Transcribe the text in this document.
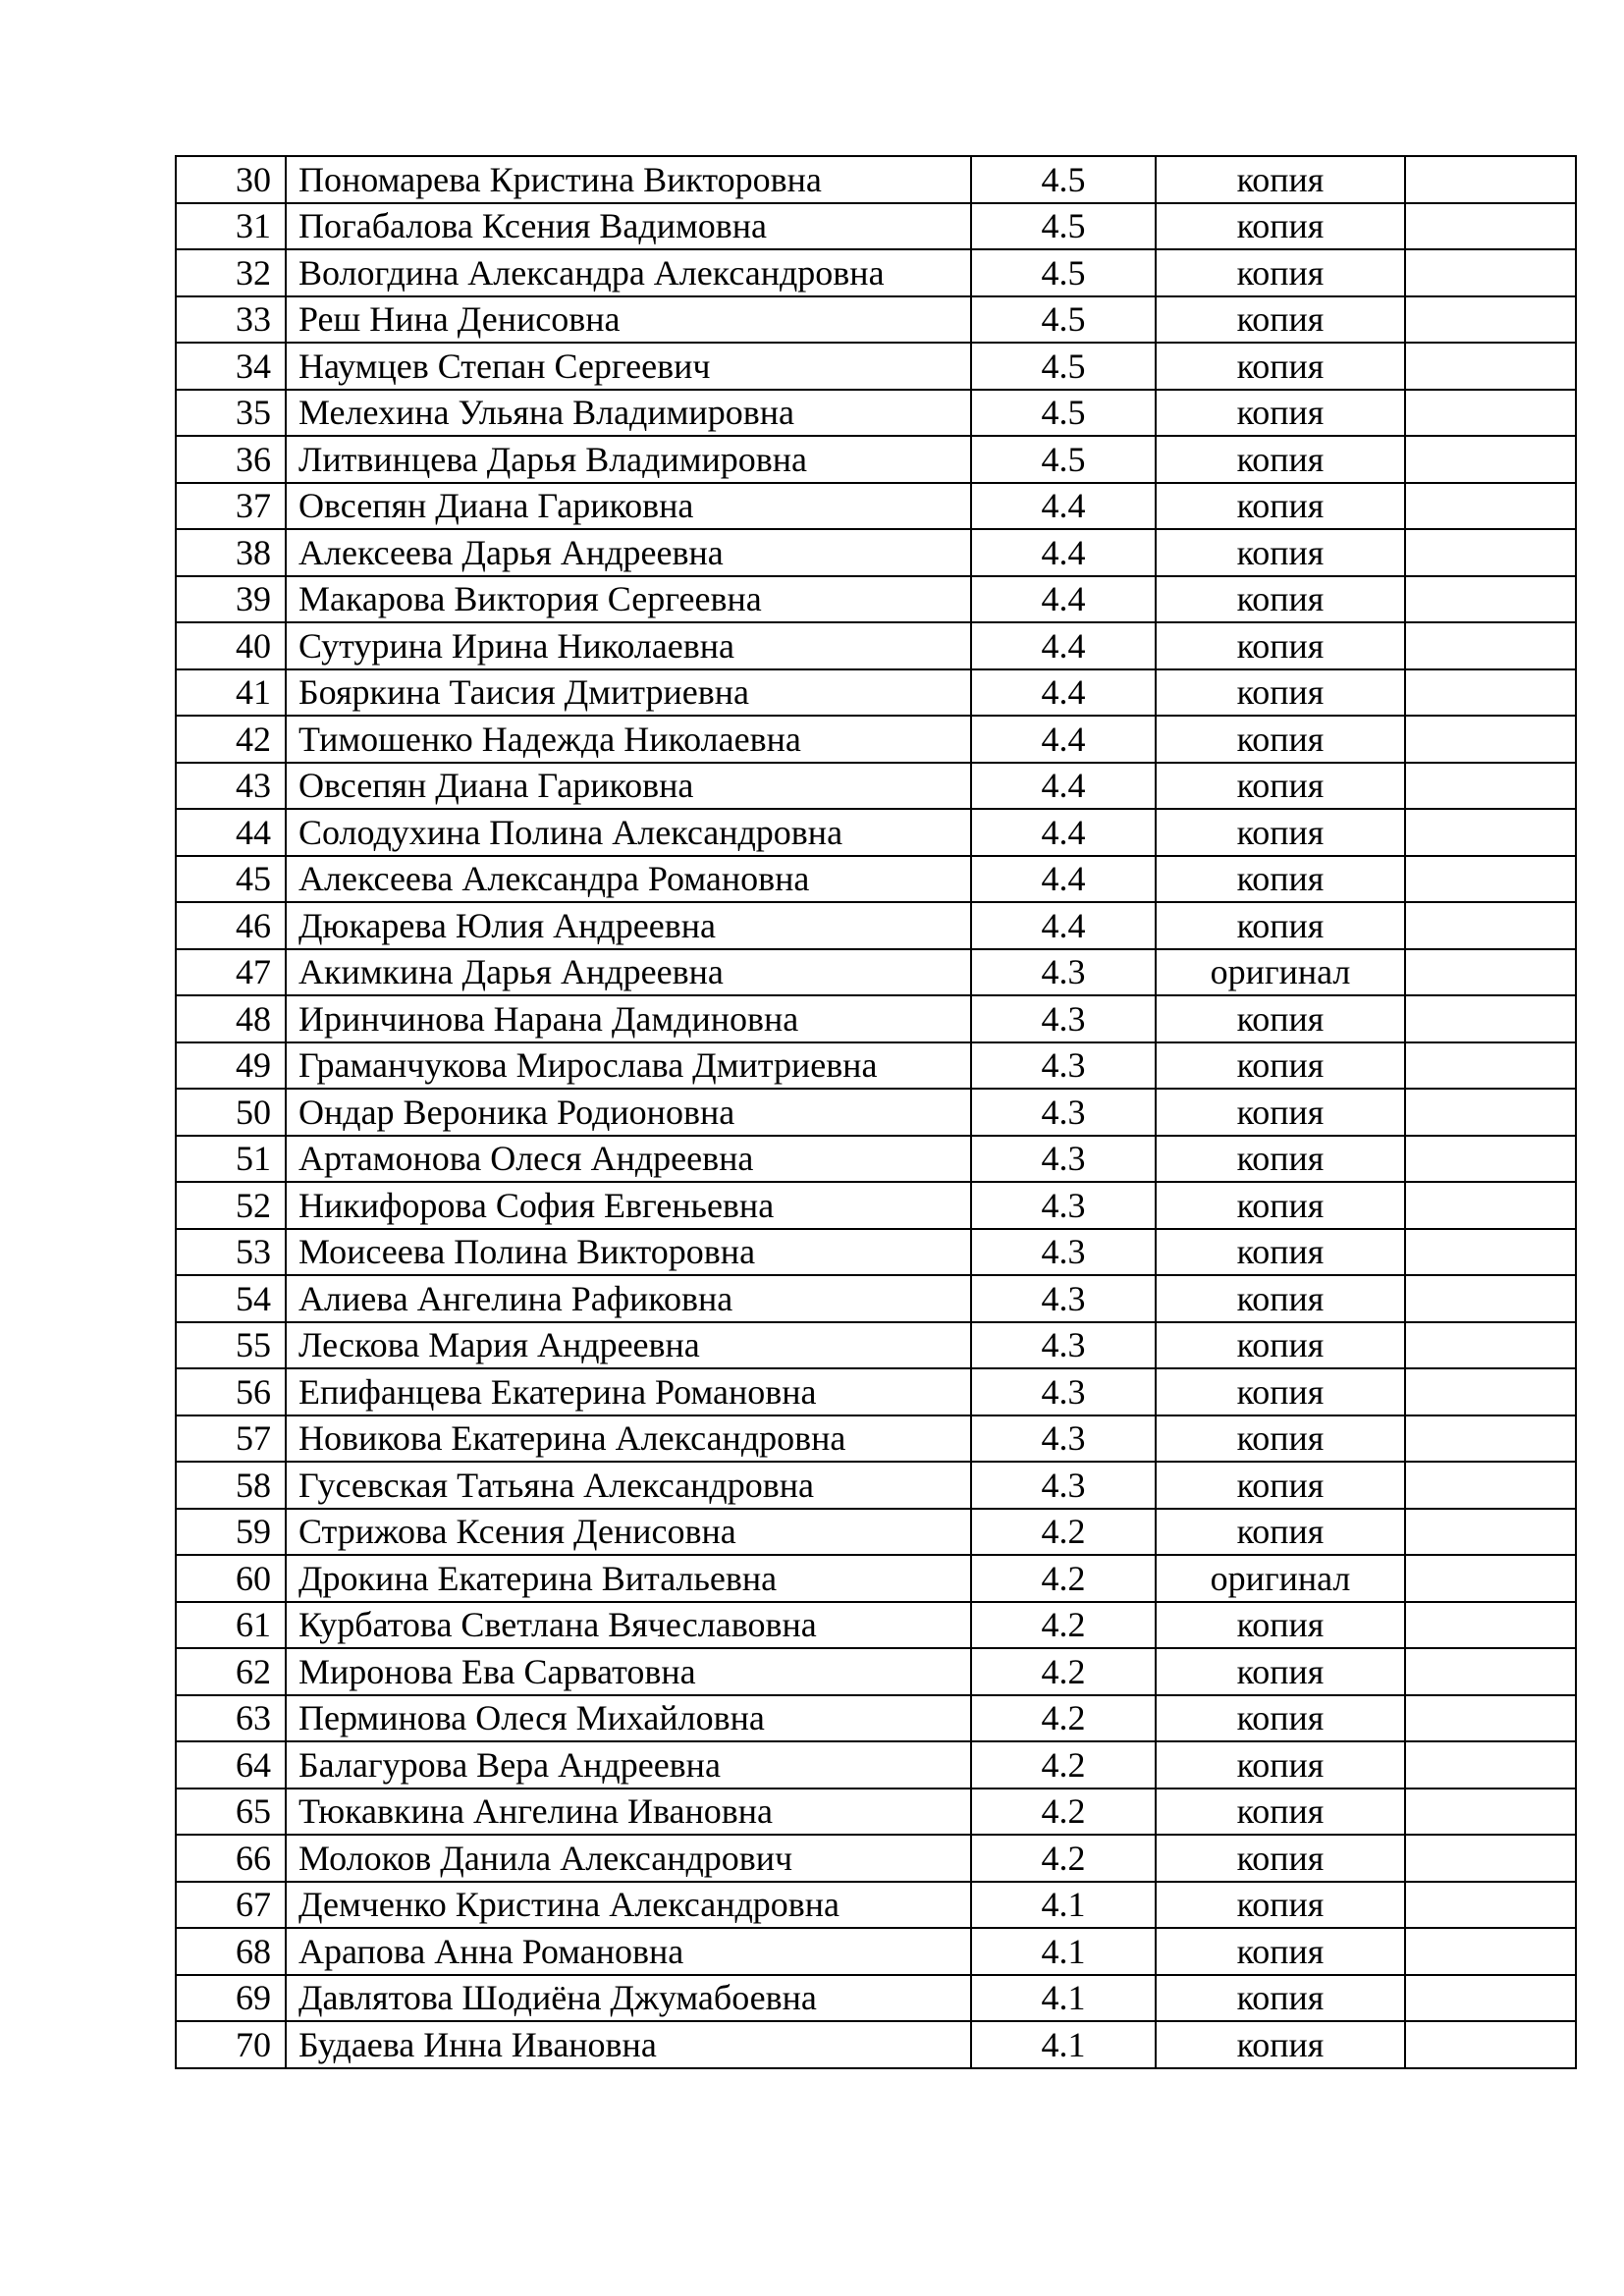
30	Пономарева Кристина Викторовна	4.5	копия	
31	Погабалова Ксения Вадимовна	4.5	копия	
32	Вологдина Александра Александровна	4.5	копия	
33	Реш Нина Денисовна	4.5	копия	
34	Наумцев Степан Сергеевич	4.5	копия	
35	Мелехина Ульяна Владимировна	4.5	копия	
36	Литвинцева Дарья Владимировна	4.5	копия	
37	Овсепян Диана Гариковна	4.4	копия	
38	Алексеева Дарья Андреевна	4.4	копия	
39	Макарова Виктория Сергеевна	4.4	копия	
40	Сутурина Ирина Николаевна	4.4	копия	
41	Бояркина Таисия Дмитриевна	4.4	копия	
42	Тимошенко Надежда Николаевна	4.4	копия	
43	Овсепян Диана Гариковна	4.4	копия	
44	Солодухина Полина Александровна	4.4	копия	
45	Алексеева Александра Романовна	4.4	копия	
46	Дюкарева Юлия Андреевна	4.4	копия	
47	Акимкина Дарья Андреевна	4.3	оригинал	
48	Иринчинова Нарана Дамдиновна	4.3	копия	
49	Граманчукова Мирослава Дмитриевна	4.3	копия	
50	Ондар Вероника Родионовна	4.3	копия	
51	Артамонова Олеся Андреевна	4.3	копия	
52	Никифорова София Евгеньевна	4.3	копия	
53	Моисеева Полина Викторовна	4.3	копия	
54	Алиева Ангелина Рафиковна	4.3	копия	
55	Лескова Мария Андреевна	4.3	копия	
56	Епифанцева Екатерина Романовна	4.3	копия	
57	Новикова Екатерина Александровна	4.3	копия	
58	Гусевская Татьяна Александровна	4.3	копия	
59	Стрижова Ксения Денисовна	4.2	копия	
60	Дрокина Екатерина Витальевна	4.2	оригинал	
61	Курбатова Светлана Вячеславовна	4.2	копия	
62	Миронова Ева Сарватовна	4.2	копия	
63	Перминова Олеся Михайловна	4.2	копия	
64	Балагурова Вера Андреевна	4.2	копия	
65	Тюкавкина Ангелина Ивановна	4.2	копия	
66	Молоков Данила Александрович	4.2	копия	
67	Демченко Кристина Александровна	4.1	копия	
68	Арапова Анна Романовна	4.1	копия	
69	Давлятова Шодиёна Джумабоевна	4.1	копия	
70	Будаева Инна Ивановна	4.1	копия	
